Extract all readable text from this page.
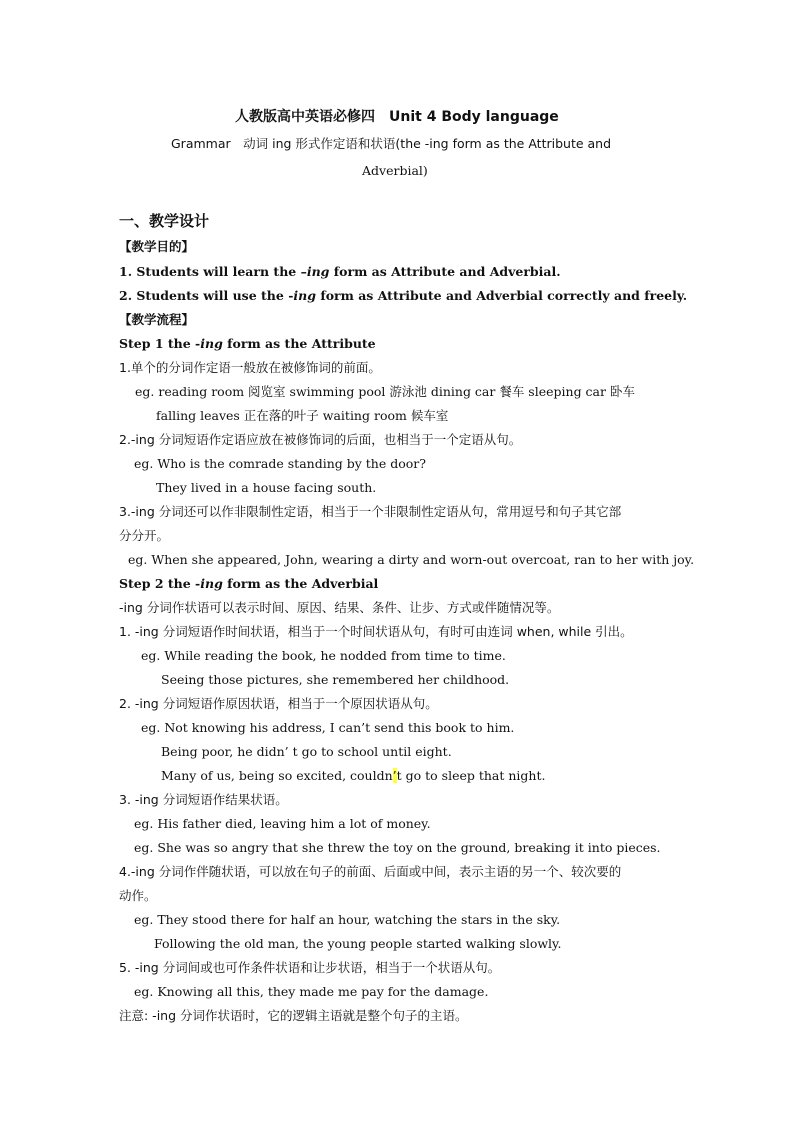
人教版高中英语必修四　Unit 4 Body language
Grammar　动词 ing 形式作定语和状语(the -ing form as the Attribute and
Adverbial)
一、教学设计
【教学目的】
1. Students will learn the –ing form as Attribute and Adverbial.
2. Students will use the -ing form as Attribute and Adverbial correctly and freely.
【教学流程】
Step 1 the -ing form as the Attribute
1.单个的分词作定语一般放在被修饰词的前面。
eg. reading room 阅览室 swimming pool 游泳池 dining car 餐车 sleeping car 卧车
falling leaves 正在落的叶子 waiting room 候车室
2.-ing 分词短语作定语应放在被修饰词的后面，也相当于一个定语从句。
eg. Who is the comrade standing by the door?
They lived in a house facing south.
3.-ing 分词还可以作非限制性定语，相当于一个非限制性定语从句，常用逗号和句子其它部
分分开。
eg. When she appeared, John, wearing a dirty and worn-out overcoat, ran to her with joy.
Step 2 the -ing form as the Adverbial
-ing 分词作状语可以表示时间、原因、结果、条件、让步、方式或伴随情况等。
1. -ing 分词短语作时间状语，相当于一个时间状语从句，有时可由连词 when, while 引出。
eg. While reading the book, he nodded from time to time.
Seeing those pictures, she remembered her childhood.
2. -ing 分词短语作原因状语，相当于一个原因状语从句。
eg. Not knowing his address, I can’t send this book to him.
Being poor, he didn’ t go to school until eight.
Many of us, being so excited, couldn’t go to sleep that night.
3. -ing 分词短语作结果状语。
eg. His father died, leaving him a lot of money.
eg. She was so angry that she threw the toy on the ground, breaking it into pieces.
4.-ing 分词作伴随状语，可以放在句子的前面、后面或中间，表示主语的另一个、较次要的
动作。
eg. They stood there for half an hour, watching the stars in the sky.
Following the old man, the young people started walking slowly.
5. -ing 分词间或也可作条件状语和让步状语，相当于一个状语从句。
eg. Knowing all this, they made me pay for the damage.
注意: -ing 分词作状语时，它的逻辑主语就是整个句子的主语。
